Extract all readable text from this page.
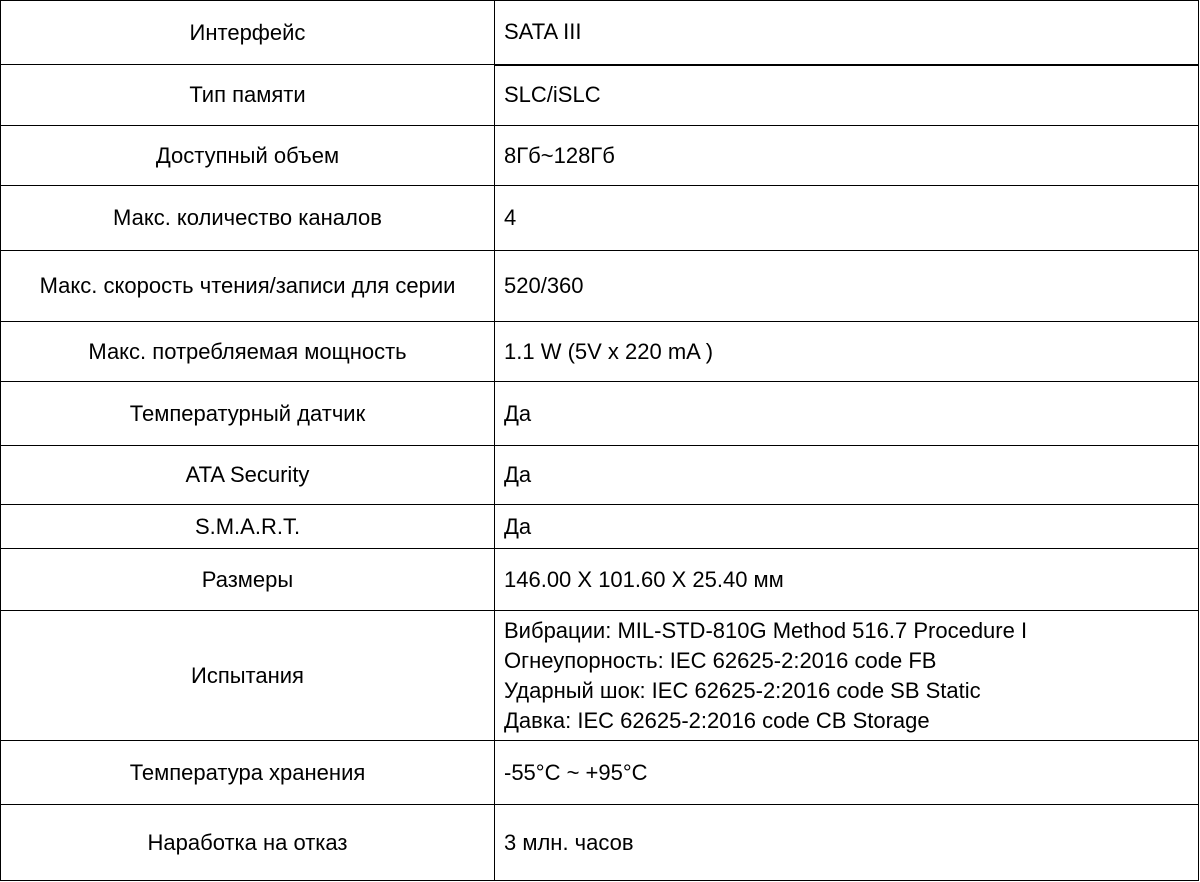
Интерфейс	SATA III
Тип памяти	SLC/iSLC
Доступный объем	8Гб~128Гб
Макс. количество каналов	4
Макс. скорость чтения/записи для серии	520/360
Макс. потребляемая мощность	1.1 W (5V x 220 mA )
Температурный датчик	Да
ATA Security	Да
S.M.A.R.T.	Да
Размеры	146.00 X 101.60 X 25.40 мм
Испытания	Вибрации: MIL-STD-810G Method 516.7 Procedure I
Огнеупорность: IEC 62625-2:2016 code FB
Ударный шок: IEC 62625-2:2016 code SB Static
Давка: IEC 62625-2:2016 code CB Storage

Температура хранения	-55°C ~ +95°C
Наработка на отказ	3 млн. часов
